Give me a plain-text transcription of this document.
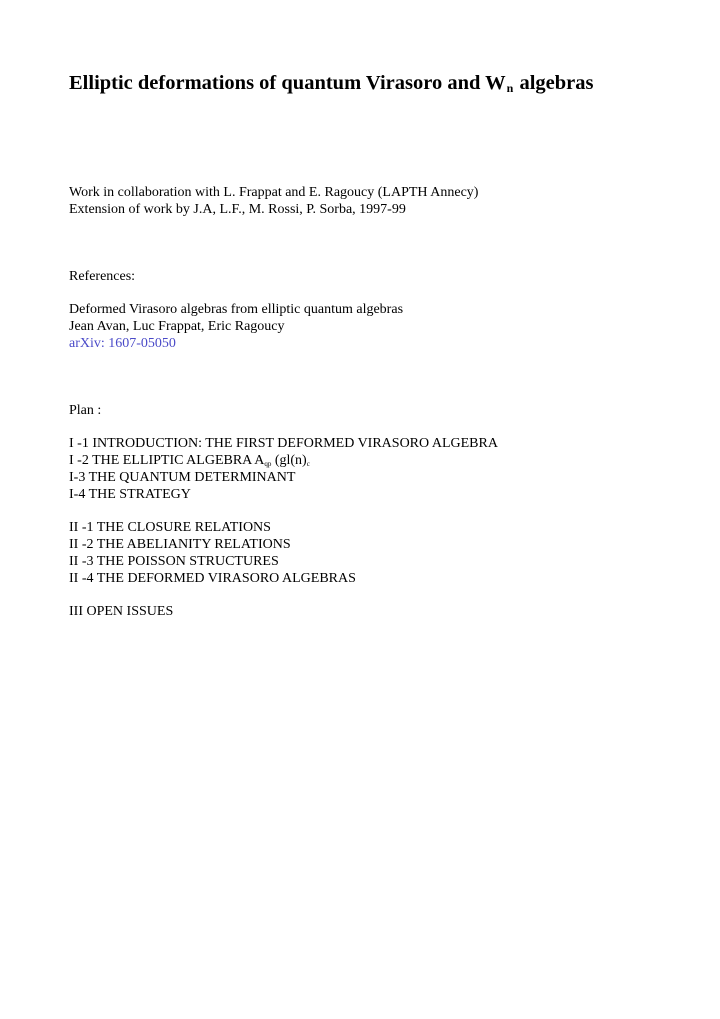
Elliptic deformations of quantum Virasoro and Wn algebras
Work in collaboration with L. Frappat and E. Ragoucy (LAPTH Annecy)
Extension of work by J.A, L.F., M. Rossi, P. Sorba, 1997-99
References:
Deformed Virasoro algebras from elliptic quantum algebras
Jean Avan, Luc Frappat, Eric Ragoucy
arXiv: 1607-05050
Plan :
I -1 INTRODUCTION: THE FIRST DEFORMED VIRASORO ALGEBRA
I -2 THE ELLIPTIC ALGEBRA Aqp (gl(n)c
I-3 THE QUANTUM DETERMINANT
I-4 THE STRATEGY
II -1 THE CLOSURE RELATIONS
II -2 THE ABELIANITY RELATIONS
II -3 THE POISSON STRUCTURES
II -4 THE DEFORMED VIRASORO ALGEBRAS
III OPEN ISSUES
